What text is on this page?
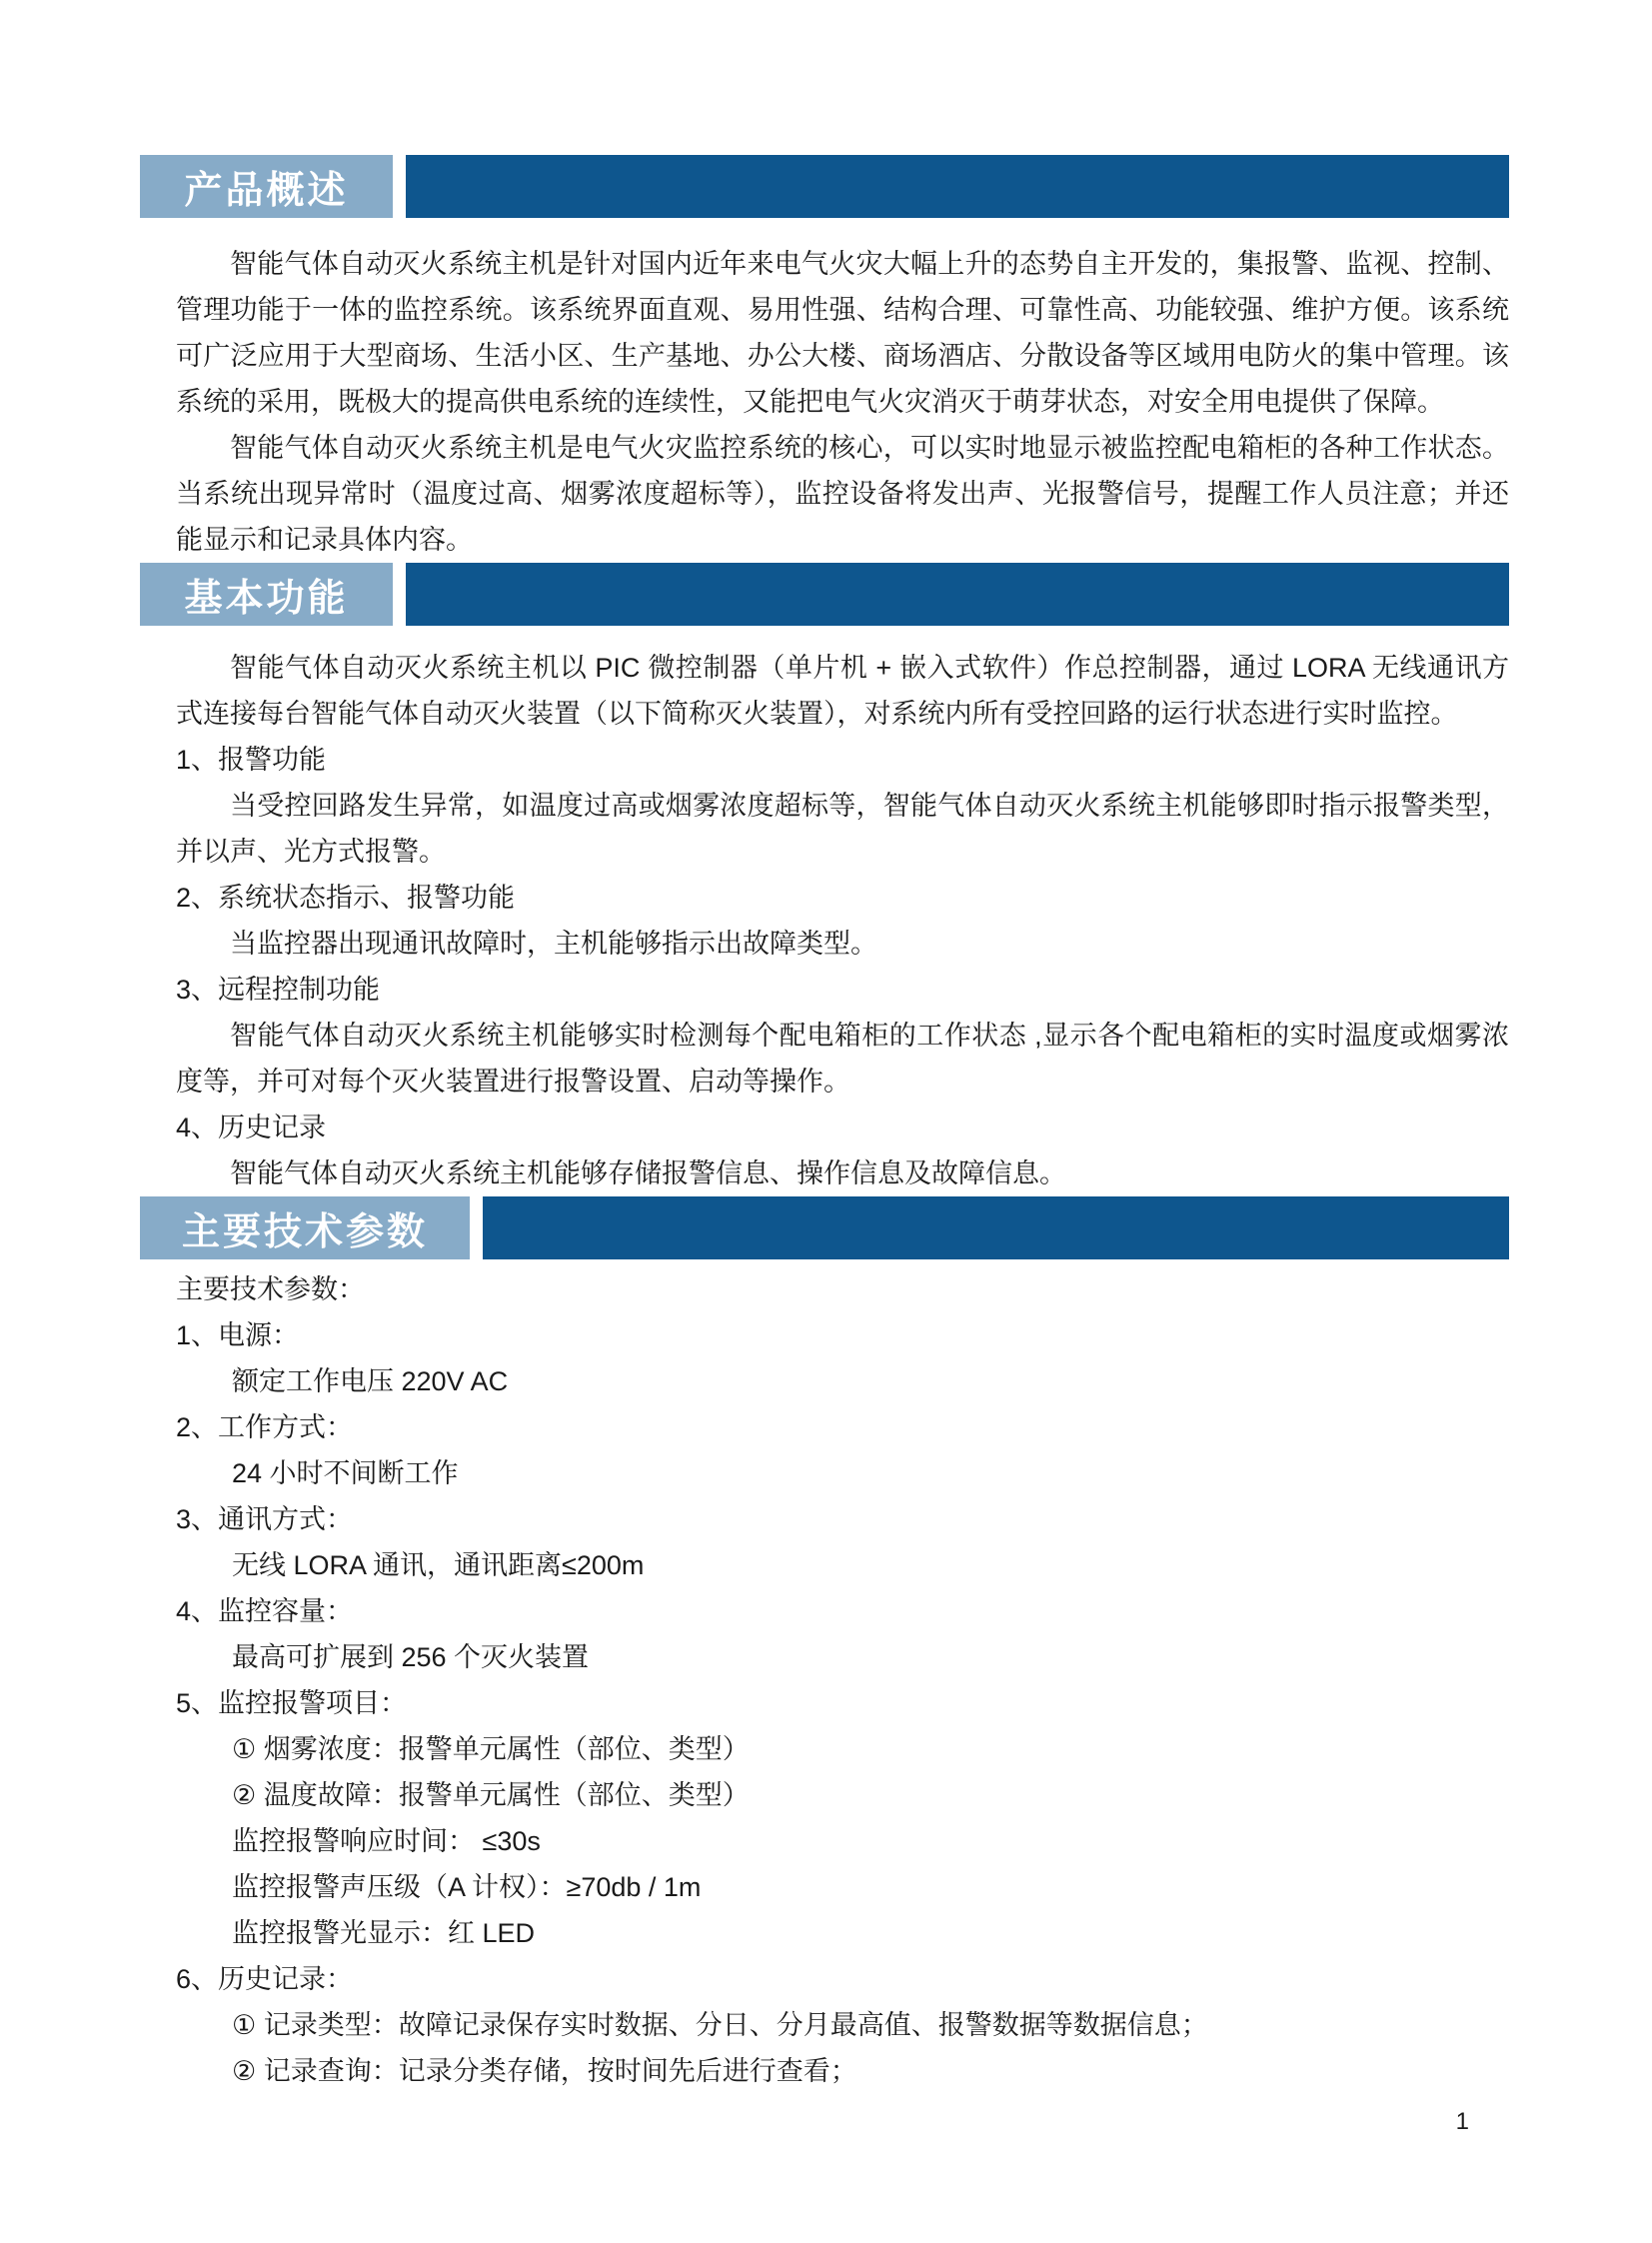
产品概述

智能气体自动灭火系统主机是针对国内近年来电气火灾大幅上升的态势自主开发的，集报警、监视、控制、管理功能于一体的监控系统。该系统界面直观、易用性强、结构合理、可靠性高、功能较强、维护方便。该系统可广泛应用于大型商场、生活小区、生产基地、办公大楼、商场酒店、分散设备等区域用电防火的集中管理。该系统的采用，既极大的提高供电系统的连续性，又能把电气火灾消灭于萌芽状态，对安全用电提供了保障。

智能气体自动灭火系统主机是电气火灾监控系统的核心，可以实时地显示被监控配电箱柜的各种工作状态。当系统出现异常时（温度过高、烟雾浓度超标等），监控设备将发出声、光报警信号，提醒工作人员注意；并还能显示和记录具体内容。

基本功能

智能气体自动灭火系统主机以 PIC 微控制器（单片机 + 嵌入式软件）作总控制器，通过 LORA 无线通讯方式连接每台智能气体自动灭火装置（以下简称灭火装置），对系统内所有受控回路的运行状态进行实时监控。

1、报警功能

当受控回路发生异常，如温度过高或烟雾浓度超标等，智能气体自动灭火系统主机能够即时指示报警类型，并以声、光方式报警。

2、系统状态指示、报警功能

当监控器出现通讯故障时，主机能够指示出故障类型。

3、远程控制功能

智能气体自动灭火系统主机能够实时检测每个配电箱柜的工作状态 ,显示各个配电箱柜的实时温度或烟雾浓度等，并可对每个灭火装置进行报警设置、启动等操作。

4、历史记录

智能气体自动灭火系统主机能够存储报警信息、操作信息及故障信息。

主要技术参数
主要技术参数：
1、电源：
额定工作电压 220V AC
2、工作方式：
24 小时不间断工作
3、通讯方式：
无线 LORA 通讯，通讯距离≤200m
4、监控容量：
最高可扩展到 256 个灭火装置
5、监控报警项目：
① 烟雾浓度：报警单元属性（部位、类型）
② 温度故障：报警单元属性（部位、类型）
监控报警响应时间： ≤30s
监控报警声压级（A 计权）：≥70db / 1m
监控报警光显示：红 LED
6、历史记录：
① 记录类型：故障记录保存实时数据、分日、分月最高值、报警数据等数据信息；
② 记录查询：记录分类存储，按时间先后进行查看；
1
